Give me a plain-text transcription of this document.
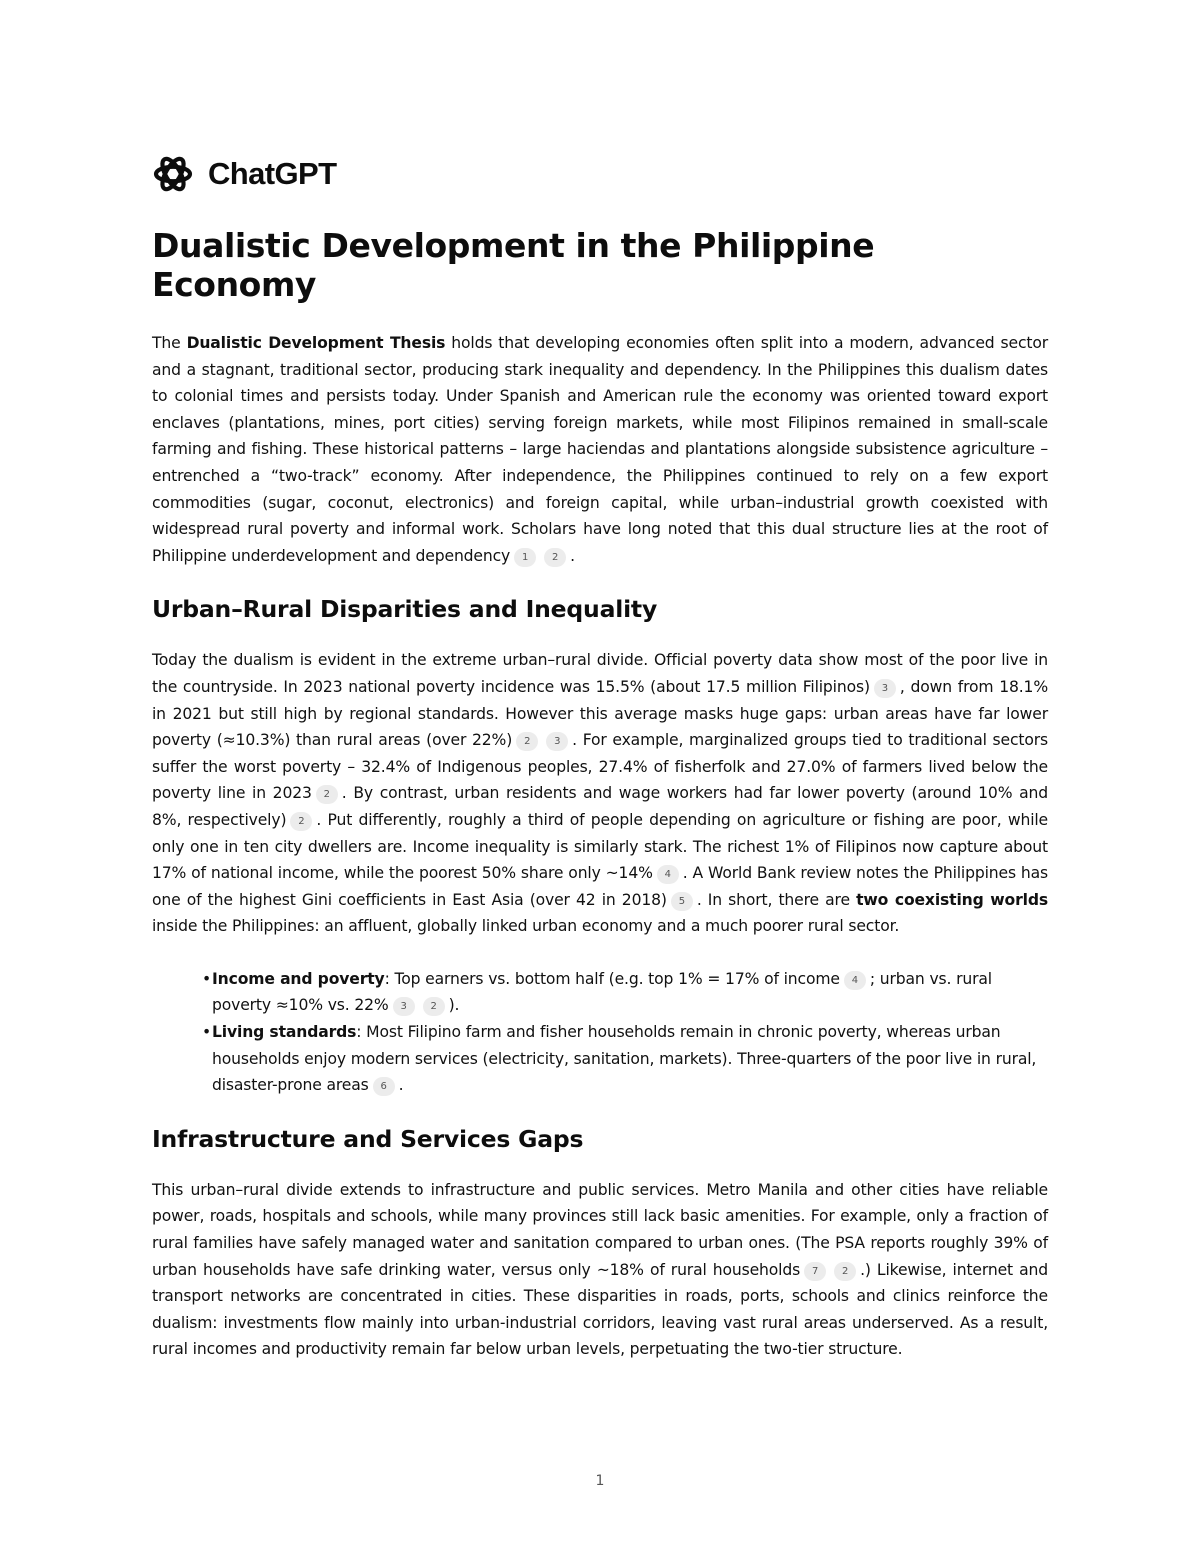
ChatGPT
Dualistic Development in the Philippine Economy

The Dualistic Development Thesis holds that developing economies often split into a modern, advanced sector and a stagnant, traditional sector, producing stark inequality and dependency. In the Philippines this dualism dates to colonial times and persists today. Under Spanish and American rule the economy was oriented toward export enclaves (plantations, mines, port cities) serving foreign markets, while most Filipinos remained in small-scale farming and fishing. These historical patterns – large haciendas and plantations alongside subsistence agriculture – entrenched a “two-track” economy. After independence, the Philippines continued to rely on a few export commodities (sugar, coconut, electronics) and foreign capital, while urban–industrial growth coexisted with widespread rural poverty and informal work. Scholars have long noted that this dual structure lies at the root of Philippine underdevelopment and dependency 1 2 .

Urban–Rural Disparities and Inequality

Today the dualism is evident in the extreme urban–rural divide. Official poverty data show most of the poor live in the countryside. In 2023 national poverty incidence was 15.5% (about 17.5 million Filipinos) 3 , down from 18.1% in 2021 but still high by regional standards. However this average masks huge gaps: urban areas have far lower poverty (≈10.3%) than rural areas (over 22%) 2 3 . For example, marginalized groups tied to traditional sectors suffer the worst poverty – 32.4% of Indigenous peoples, 27.4% of fisherfolk and 27.0% of farmers lived below the poverty line in 2023 2 . By contrast, urban residents and wage workers had far lower poverty (around 10% and 8%, respectively) 2 . Put differently, roughly a third of people depending on agriculture or fishing are poor, while only one in ten city dwellers are. Income inequality is similarly stark. The richest 1% of Filipinos now capture about 17% of national income, while the poorest 50% share only ~14% 4 . A World Bank review notes the Philippines has one of the highest Gini coefficients in East Asia (over 42 in 2018) 5 . In short, there are two coexisting worlds inside the Philippines: an affluent, globally linked urban economy and a much poorer rural sector.

• Income and poverty: Top earners vs. bottom half (e.g. top 1% = 17% of income 4 ; urban vs. rural poverty ≈10% vs. 22% 3 2 ).
• Living standards: Most Filipino farm and fisher households remain in chronic poverty, whereas urban households enjoy modern services (electricity, sanitation, markets). Three-quarters of the poor live in rural, disaster-prone areas 6 .
Infrastructure and Services Gaps

This urban–rural divide extends to infrastructure and public services. Metro Manila and other cities have reliable power, roads, hospitals and schools, while many provinces still lack basic amenities. For example, only a fraction of rural families have safely managed water and sanitation compared to urban ones. (The PSA reports roughly 39% of urban households have safe drinking water, versus only ~18% of rural households 7 2 .) Likewise, internet and transport networks are concentrated in cities. These disparities in roads, ports, schools and clinics reinforce the dualism: investments flow mainly into urban-industrial corridors, leaving vast rural areas underserved. As a result, rural incomes and productivity remain far below urban levels, perpetuating the two-tier structure.

1
